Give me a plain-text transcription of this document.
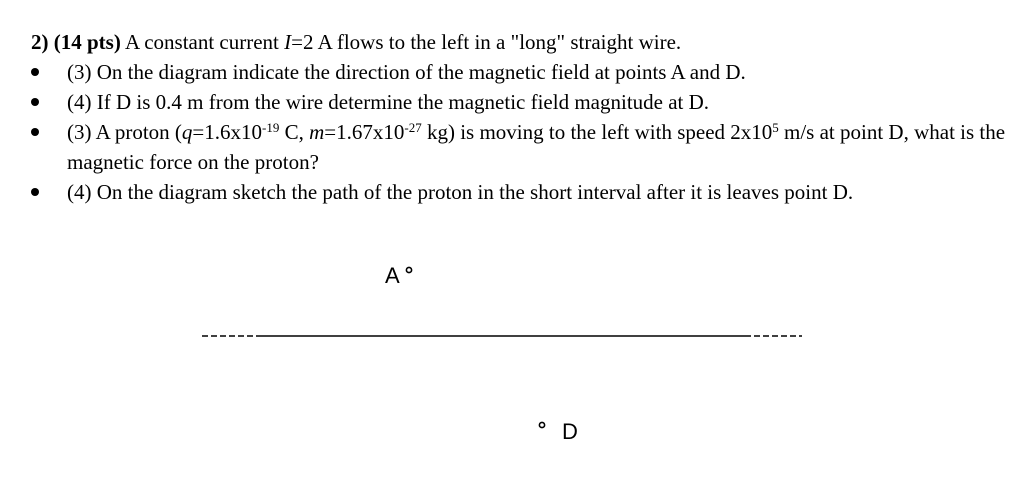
2) (14 pts) A constant current I=2 A flows to the left in a "long" straight wire.
(3) On the diagram indicate the direction of the magnetic field at points A and D.
(4) If D is 0.4 m from the wire determine the magnetic field magnitude at D.
(3) A proton ($q=1.6x10^{-19}$ C, $m=1.67x10^{-27}$ kg) is moving to the left with speed $2x10^5$ m/s at point D, what is the magnetic force on the proton?
(4) On the diagram sketch the path of the proton in the short interval after it is leaves point D.
A
D
